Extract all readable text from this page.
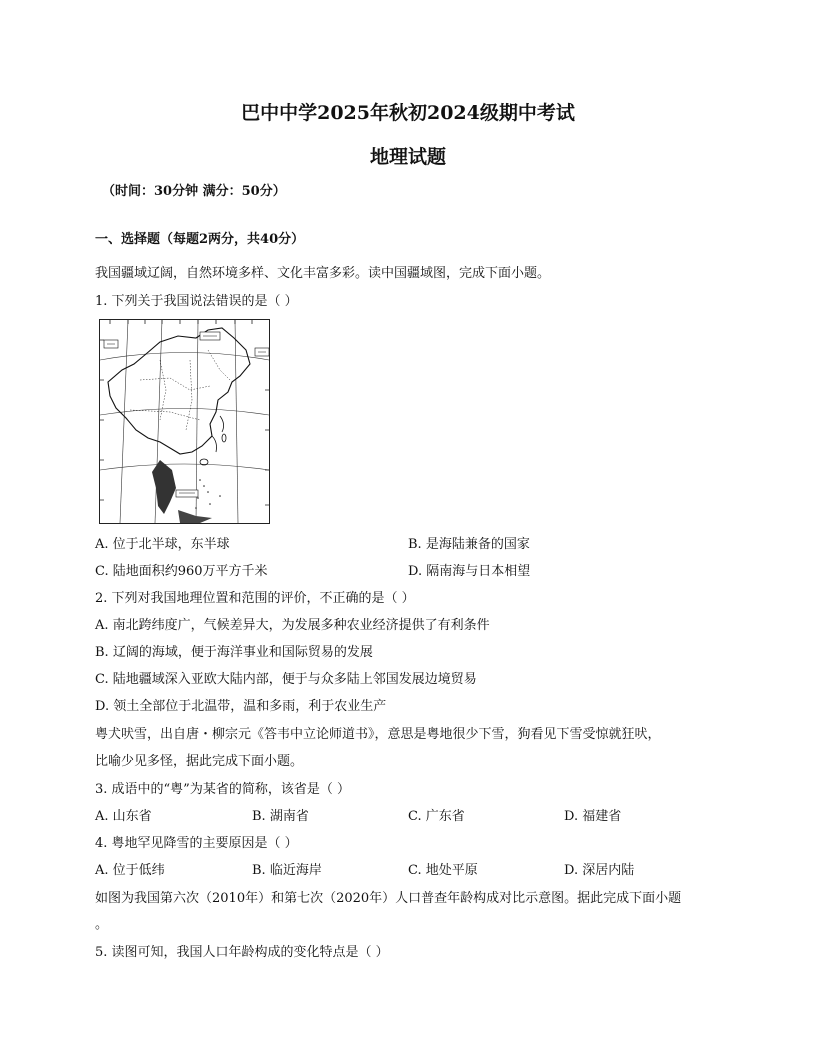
巴中中学2025年秋初2024级期中考试
地理试题
（时间：30分钟 满分：50分）
一、选择题（每题2两分，共40分）
我国疆域辽阔，自然环境多样、文化丰富多彩。读中国疆域图，完成下面小题。
1. 下列关于我国说法错误的是（ ）
A. 位于北半球，东半球	B. 是海陆兼备的国家
C. 陆地面积约960万平方千米	D. 隔南海与日本相望
2. 下列对我国地理位置和范围的评价，不正确的是（ ）
A. 南北跨纬度广，气候差异大，为发展多种农业经济提供了有利条件
B. 辽阔的海域，便于海洋事业和国际贸易的发展
C. 陆地疆域深入亚欧大陆内部，便于与众多陆上邻国发展边境贸易
D. 领土全部位于北温带，温和多雨，利于农业生产
粤犬吠雪，出自唐・柳宗元《答韦中立论师道书》，意思是粤地很少下雪，狗看见下雪受惊就狂吠，
比喻少见多怪，据此完成下面小题。
3. 成语中的“粤”为某省的简称，该省是（ ）
A. 山东省	B. 湖南省	C. 广东省	D. 福建省
4. 粤地罕见降雪的主要原因是（ ）
A. 位于低纬	B. 临近海岸	C. 地处平原	D. 深居内陆
如图为我国第六次（2010年）和第七次（2020年）人口普查年龄构成对比示意图。据此完成下面小题
。
5. 读图可知，我国人口年龄构成的变化特点是（ ）
